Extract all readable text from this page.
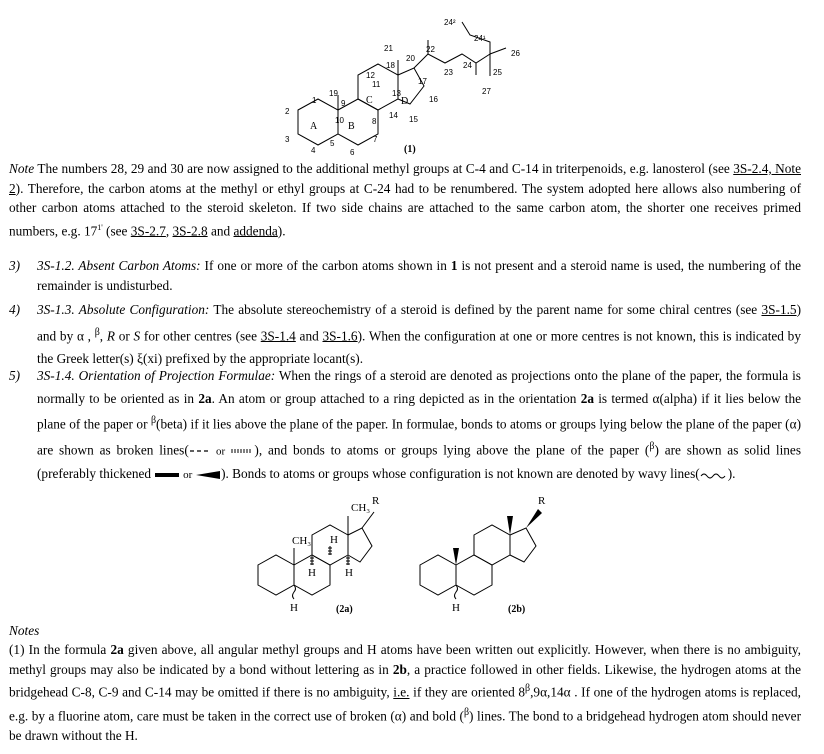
1
2
3
4
5
6
7
8
9
10
11
12
13
14 15
16
17
18
19
20
21	22
23
24
25
26
27
24²
24¹
A	B
C	D
(1)
Note The numbers 28, 29 and 30 are now assigned to the additional methyl groups at C-4 and C-14 in triterpenoids, e.g. lanosterol (see 3S-2.4, Note 2). Therefore, the carbon atoms at the methyl or ethyl groups at C-24 had to be renumbered. The system adopted here allows also numbering of other carbon atoms attached to the steroid skeleton. If two side chains are attached to the same carbon atom, the shorter one receives primed numbers, e.g. $17^{1'}$ (see 3S-2.7, 3S-2.8 and addenda).
3) 3S-1.2. Absent Carbon Atoms: If one or more of the carbon atoms shown in 1 is not present and a steroid name is used, the numbering of the remainder is undisturbed.
4) 3S-1.3. Absolute Configuration: The absolute stereochemistry of a steroid is defined by the parent name for some chiral centres (see 3S-1.5) and by α , $^\beta$, R or S for other centres (see 3S-1.4 and 3S-1.6). When the configuration at one or more centres is not known, this is indicated by the Greek letter(s) ξ(xi) prefixed by the appropriate locant(s).
5) 3S-1.4. Orientation of Projection Formulae: When the rings of a steroid are denoted as projections onto the plane of the paper, the formula is normally to be oriented as in 2a. An atom or group attached to a ring depicted as in the orientation 2a is termed α(alpha) if it lies below the plane of the paper or $^\beta$(beta) if it lies above the plane of the paper. In formulae, bonds to atoms or groups lying below the plane of the paper (α) are shown as broken lines( or ), and bonds to atoms or groups lying above the plane of the paper ($^\beta$) are shown as solid lines (preferably thickened  or ). Bonds to atoms or groups whose configuration is not known are denoted by wavy lines( ).
CH₃
CH₃
R
H
H	H
H	(2a)
R
H	(2b)
Notes
(1) In the formula 2a given above, all angular methyl groups and H atoms have been written out explicitly. However, when there is no ambiguity, methyl groups may also be indicated by a bond without lettering as in 2b, a practice followed in other fields. Likewise, the hydrogen atoms at the bridgehead C-8, C-9 and C-14 may be omitted if there is no ambiguity, i.e. if they are oriented $8^\beta,9\alpha,14\alpha$ . If one of the hydrogen atoms is replaced, e.g. by a fluorine atom, care must be taken in the correct use of broken (α) and bold ($^\beta$) lines. The bond to a bridgehead hydrogen atom should never be drawn without the H.
